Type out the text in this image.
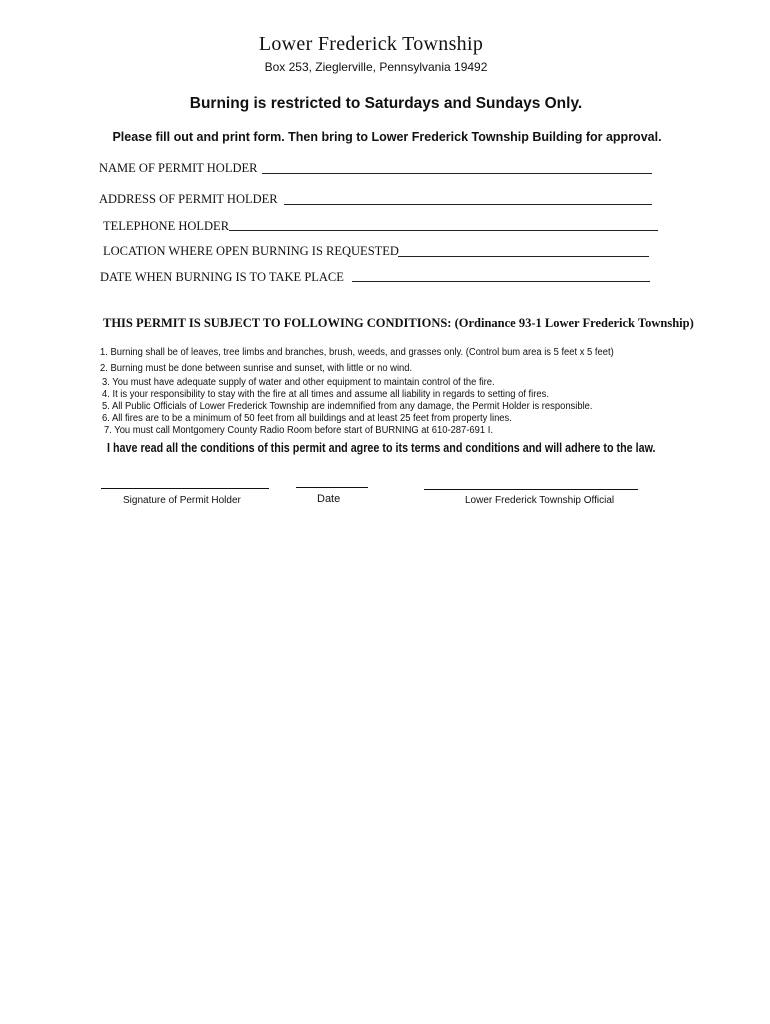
Lower Frederick Township
Box 253, Zieglerville, Pennsylvania 19492
Burning is restricted to Saturdays and Sundays Only.
Please fill out and print form. Then bring to Lower Frederick Township Building for approval.
NAME OF PERMIT HOLDER
ADDRESS OF PERMIT HOLDER
TELEPHONE HOLDER
LOCATION WHERE OPEN BURNING IS REQUESTED
DATE WHEN BURNING IS TO TAKE PLACE
THIS PERMIT IS SUBJECT TO FOLLOWING CONDITIONS: (Ordinance 93-1 Lower Frederick Township)
1. Burning shall be of leaves, tree limbs and branches, brush, weeds, and grasses only. (Control bum area is 5 feet x 5 feet)
2. Burning must be done between sunrise and sunset, with little or no wind.
3. You must have adequate supply of water and other equipment to maintain control of the fire.
4. It is your responsibility to stay with the fire at all times and assume all liability in regards to setting of fires.
5. All Public Officials of Lower Frederick Township are indemnified from any damage, the Permit Holder is responsible.
6. All fires are to be a minimum of 50 feet from all buildings and at least 25 feet from property lines.
7. You must call Montgomery County Radio Room before start of BURNING at 610-287-691 I.
I have read all the conditions of this permit and agree to its terms and conditions and will adhere to the law.
Signature of Permit Holder	Date	Lower Frederick Township Official
